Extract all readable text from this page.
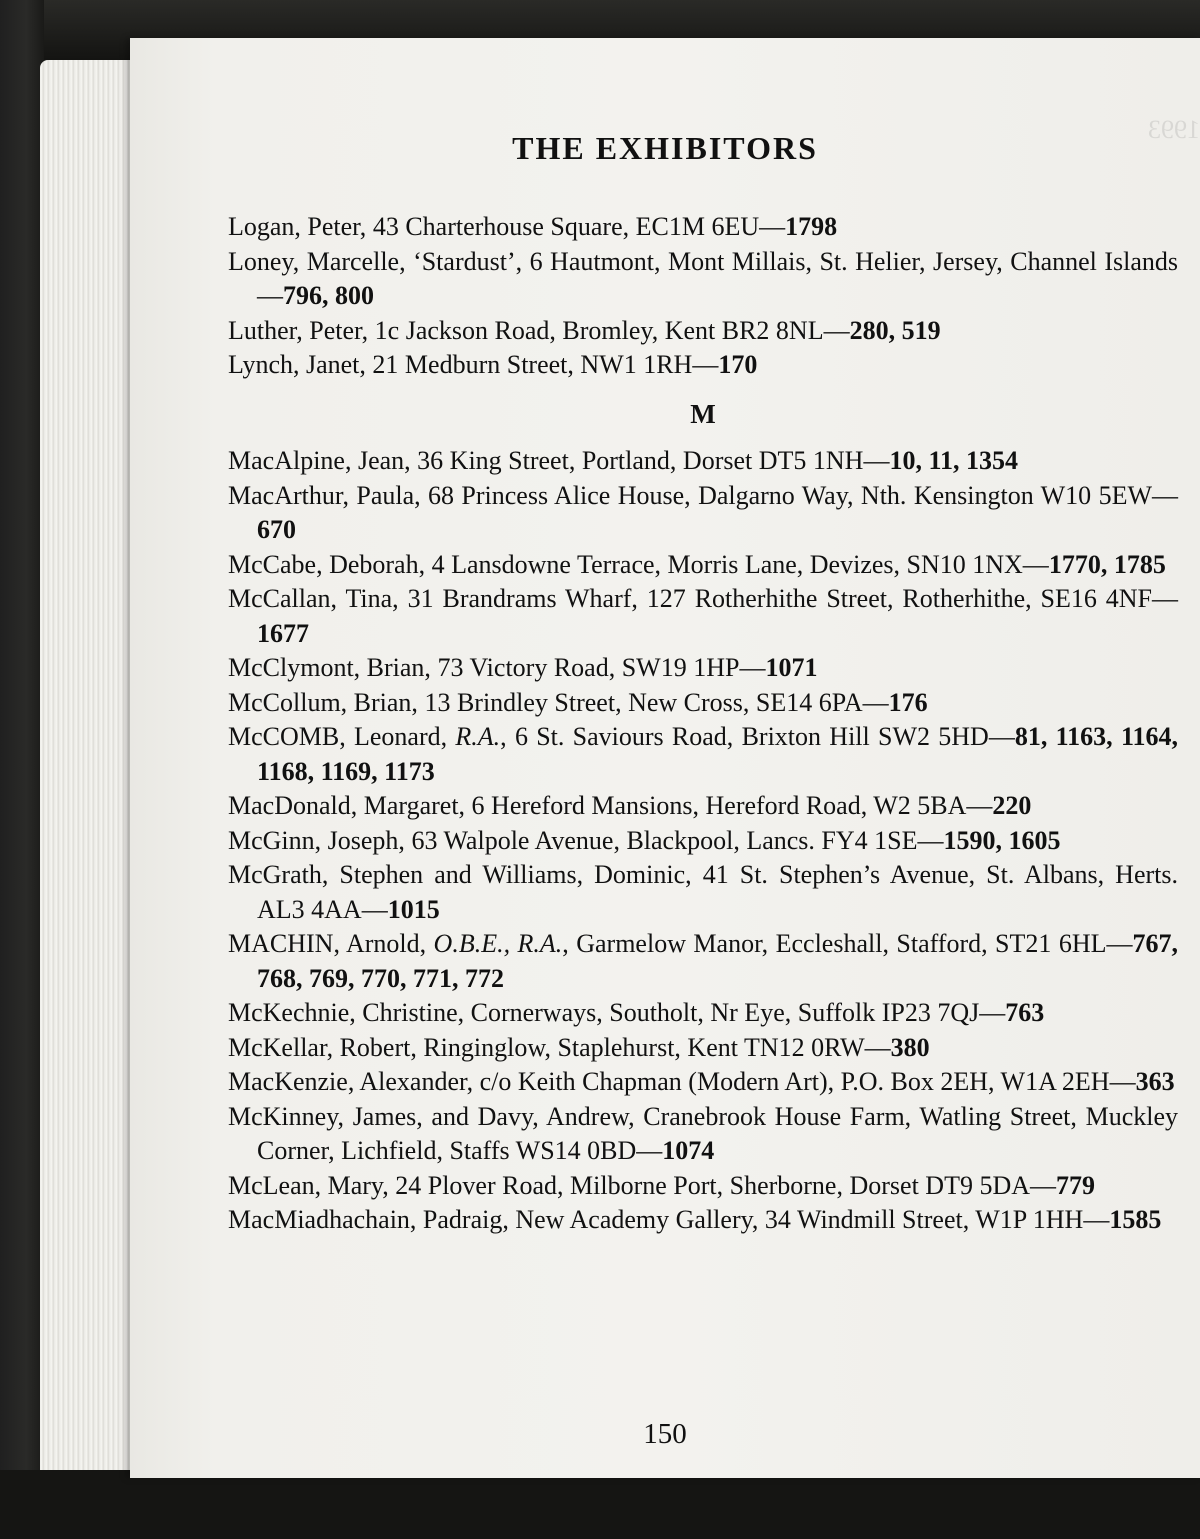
1993
THE EXHIBITORS
Logan, Peter, 43 Charterhouse Square, EC1M 6EU—1798
Loney, Marcelle, ‘Stardust’, 6 Hautmont, Mont Millais, St. Helier, Jersey, Channel Islands—796, 800
Luther, Peter, 1c Jackson Road, Bromley, Kent BR2 8NL—280, 519
Lynch, Janet, 21 Medburn Street, NW1 1RH—170
M
MacAlpine, Jean, 36 King Street, Portland, Dorset DT5 1NH—10, 11, 1354
MacArthur, Paula, 68 Princess Alice House, Dalgarno Way, Nth. Kensington W10 5EW—670
McCabe, Deborah, 4 Lansdowne Terrace, Morris Lane, Devizes, SN10 1NX—1770, 1785
McCallan, Tina, 31 Brandrams Wharf, 127 Rotherhithe Street, Rotherhithe, SE16 4NF—1677
McClymont, Brian, 73 Victory Road, SW19 1HP—1071
McCollum, Brian, 13 Brindley Street, New Cross, SE14 6PA—176
McCOMB, Leonard, R.A., 6 St. Saviours Road, Brixton Hill SW2 5HD—81, 1163, 1164, 1168, 1169, 1173
MacDonald, Margaret, 6 Hereford Mansions, Hereford Road, W2 5BA—220
McGinn, Joseph, 63 Walpole Avenue, Blackpool, Lancs. FY4 1SE—1590, 1605
McGrath, Stephen and Williams, Dominic, 41 St. Stephen’s Avenue, St. Albans, Herts. AL3 4AA—1015
MACHIN, Arnold, O.B.E., R.A., Garmelow Manor, Eccleshall, Stafford, ST21 6HL—767, 768, 769, 770, 771, 772
McKechnie, Christine, Cornerways, Southolt, Nr Eye, Suffolk IP23 7QJ—763
McKellar, Robert, Ringinglow, Staplehurst, Kent TN12 0RW—380
MacKenzie, Alexander, c/o Keith Chapman (Modern Art), P.O. Box 2EH, W1A 2EH—363
McKinney, James, and Davy, Andrew, Cranebrook House Farm, Watling Street, Muckley Corner, Lichfield, Staffs WS14 0BD—1074
McLean, Mary, 24 Plover Road, Milborne Port, Sherborne, Dorset DT9 5DA—779
MacMiadhachain, Padraig, New Academy Gallery, 34 Windmill Street, W1P 1HH—1585
150
